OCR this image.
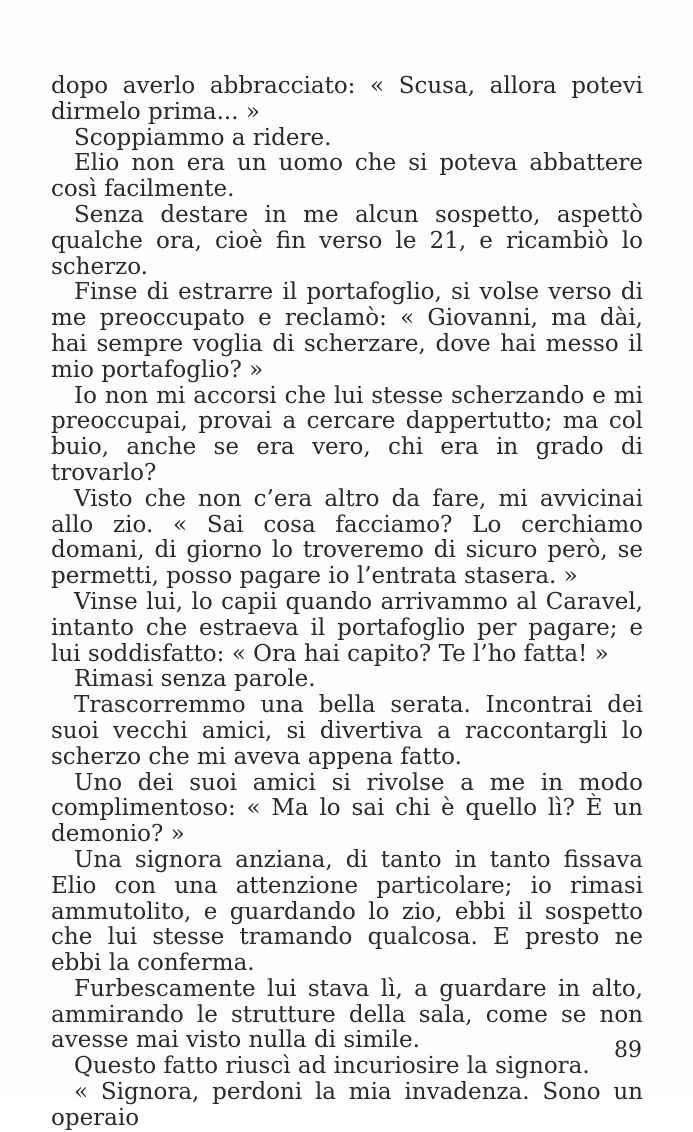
dopo averlo abbracciato: « Scusa, allora potevi dirmelo prima... »

Scoppiammo a ridere.

Elio non era un uomo che si poteva abbattere così facilmente.

Senza destare in me alcun sospetto, aspettò qualche ora, cioè fin verso le 21, e ricambiò lo scherzo.

Finse di estrarre il portafoglio, si volse verso di me preoccupato e reclamò: « Giovanni, ma dài, hai sempre voglia di scherzare, dove hai messo il mio portafoglio? »

Io non mi accorsi che lui stesse scherzando e mi preoccupai, provai a cercare dappertutto; ma col buio, anche se era vero, chi era in grado di trovarlo?

Visto che non c’era altro da fare, mi avvicinai allo zio. « Sai cosa facciamo? Lo cerchiamo domani, di giorno lo troveremo di sicuro però, se permetti, posso pagare io l’entrata stasera. »

Vinse lui, lo capii quando arrivammo al Caravel, intanto che estraeva il portafoglio per pagare; e lui soddisfatto: « Ora hai capito? Te l’ho fatta! »

Rimasi senza parole.

Trascorremmo una bella serata. Incontrai dei suoi vecchi amici, si divertiva a raccontargli lo scherzo che mi aveva appena fatto.

Uno dei suoi amici si rivolse a me in modo complimentoso: « Ma lo sai chi è quello lì? È un demonio? »

Una signora anziana, di tanto in tanto fissava Elio con una attenzione particolare; io rimasi ammutolito, e guardando lo zio, ebbi il sospetto che lui stesse tramando qualcosa. E presto ne ebbi la conferma.

Furbescamente lui stava lì, a guardare in alto, ammirando le strutture della sala, come se non avesse mai visto nulla di simile.

Questo fatto riuscì ad incuriosire la signora.

« Signora, perdoni la mia invadenza. Sono un operaio

89
